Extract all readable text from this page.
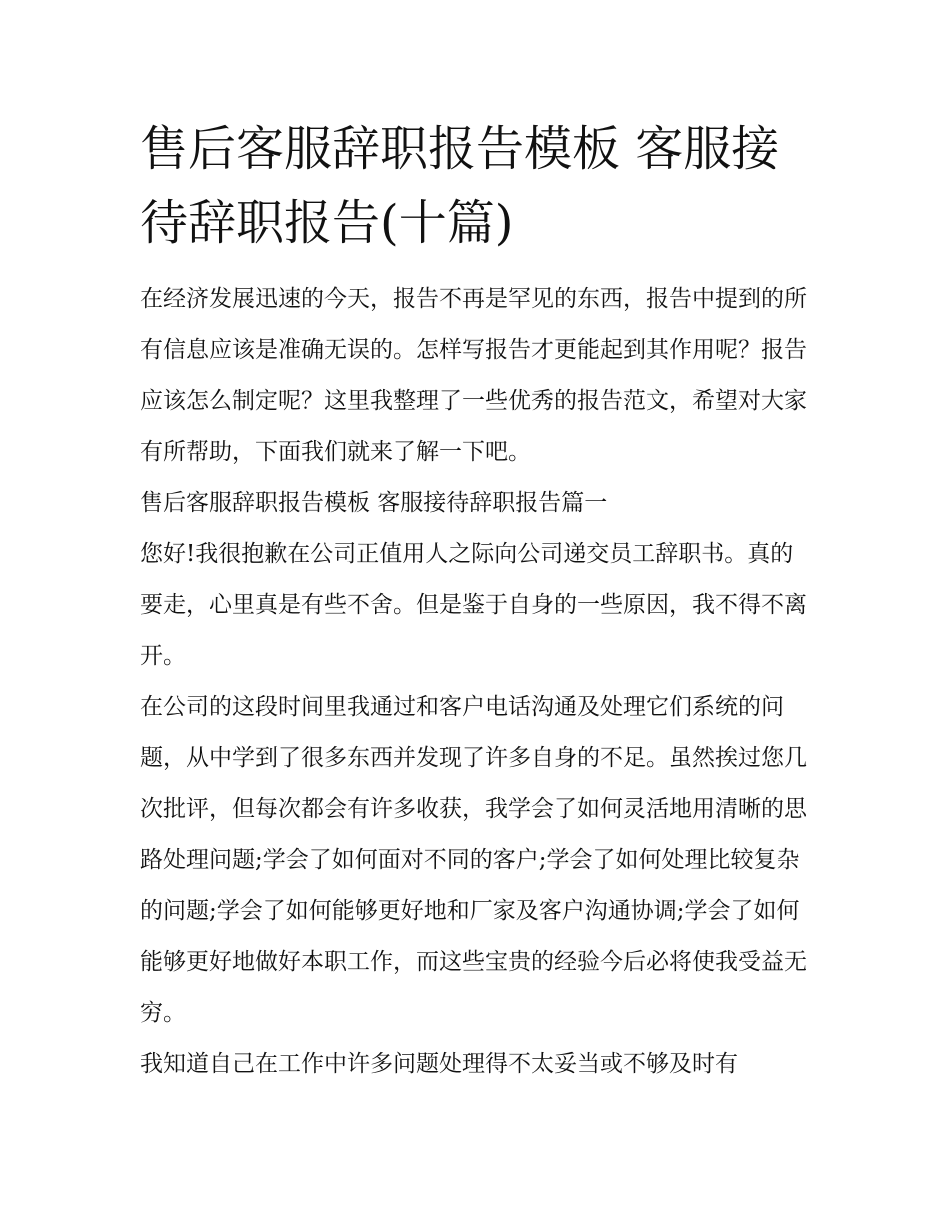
售后客服辞职报告模板 客服接待辞职报告(十篇)

在经济发展迅速的今天，报告不再是罕见的东西，报告中提到的所有信息应该是准确无误的。怎样写报告才更能起到其作用呢？报告应该怎么制定呢？这里我整理了一些优秀的报告范文，希望对大家有所帮助，下面我们就来了解一下吧。

售后客服辞职报告模板 客服接待辞职报告篇一

您好!我很抱歉在公司正值用人之际向公司递交员工辞职书。真的要走，心里真是有些不舍。但是鉴于自身的一些原因，我不得不离开。

在公司的这段时间里我通过和客户电话沟通及处理它们系统的问题，从中学到了很多东西并发现了许多自身的不足。虽然挨过您几次批评，但每次都会有许多收获，我学会了如何灵活地用清晰的思路处理问题;学会了如何面对不同的客户;学会了如何处理比较复杂的问题;学会了如何能够更好地和厂家及客户沟通协调;学会了如何能够更好地做好本职工作，而这些宝贵的经验今后必将使我受益无穷。

我知道自己在工作中许多问题处理得不太妥当或不够及时有
